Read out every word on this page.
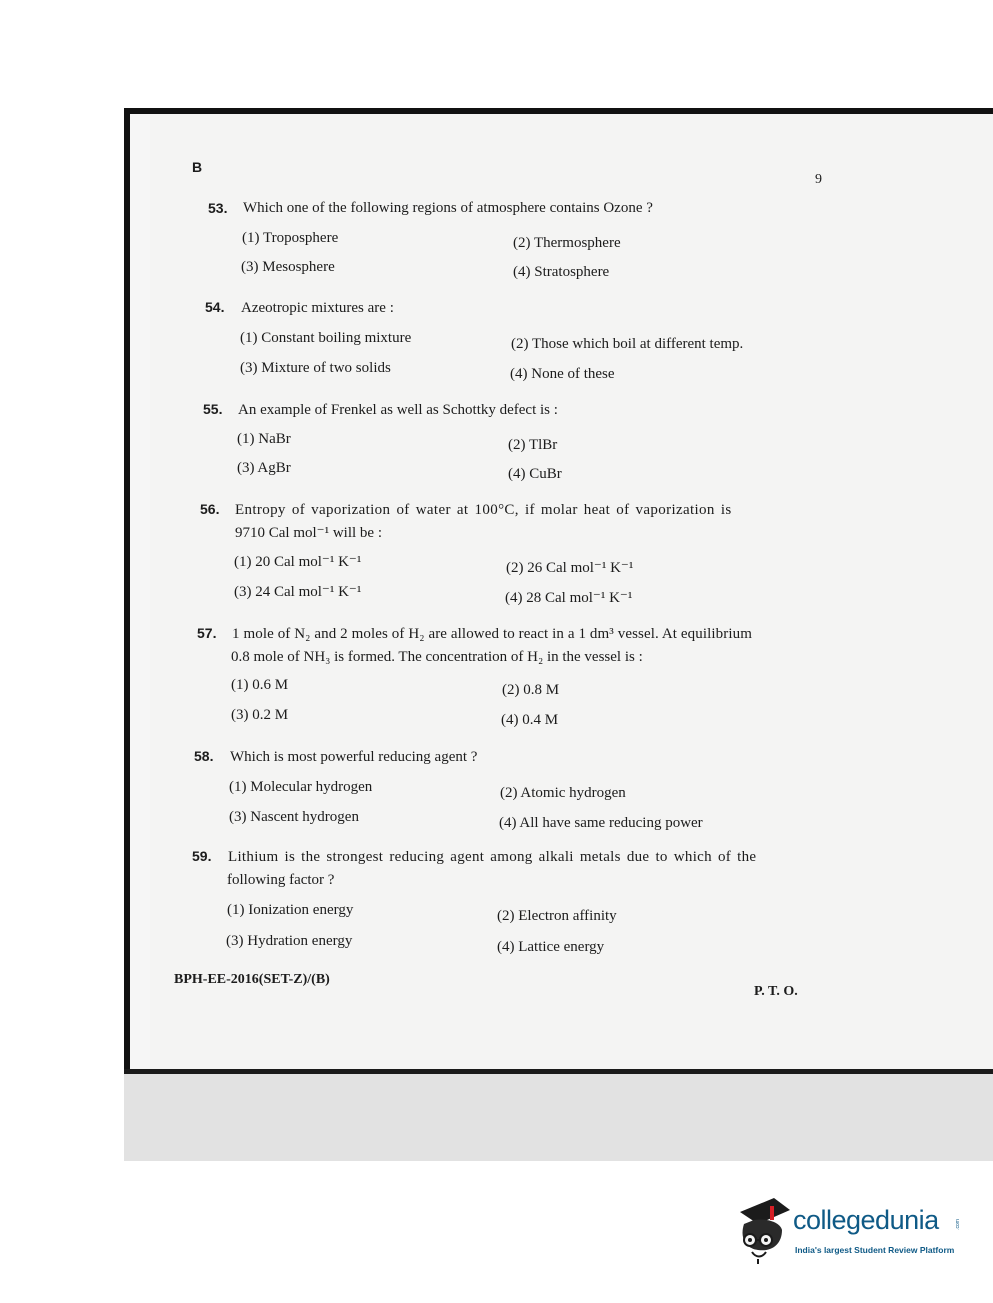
B
9
53. Which one of the following regions of atmosphere contains Ozone ?
(1) Troposphere	(2) Thermosphere
(3) Mesosphere	(4) Stratosphere
54. Azeotropic mixtures are :
(1) Constant boiling mixture	(2) Those which boil at different temp.
(3) Mixture of two solids	(4) None of these
55. An example of Frenkel as well as Schottky defect is :
(1) NaBr	(2) TlBr
(3) AgBr	(4) CuBr
56. Entropy of vaporization of water at 100°C, if molar heat of vaporization is
9710 Cal mol⁻¹ will be :
(1) 20 Cal mol⁻¹ K⁻¹	(2) 26 Cal mol⁻¹ K⁻¹
(3) 24 Cal mol⁻¹ K⁻¹	(4) 28 Cal mol⁻¹ K⁻¹
57. 1 mole of N₂ and 2 moles of H₂ are allowed to react in a 1 dm³ vessel. At equilibrium
0.8 mole of NH₃ is formed. The concentration of H₂ in the vessel is :
(1) 0.6 M	(2) 0.8 M
(3) 0.2 M	(4) 0.4 M
58. Which is most powerful reducing agent ?
(1) Molecular hydrogen	(2) Atomic hydrogen
(3) Nascent hydrogen	(4) All have same reducing power
59. Lithium is the strongest reducing agent among alkali metals due to which of the
following factor ?
(1) Ionization energy	(2) Electron affinity
(3) Hydration energy	(4) Lattice energy
BPH-EE-2016(SET-Z)/(B)
P. T. O.
collegedunia	.com
India's largest Student Review Platform
